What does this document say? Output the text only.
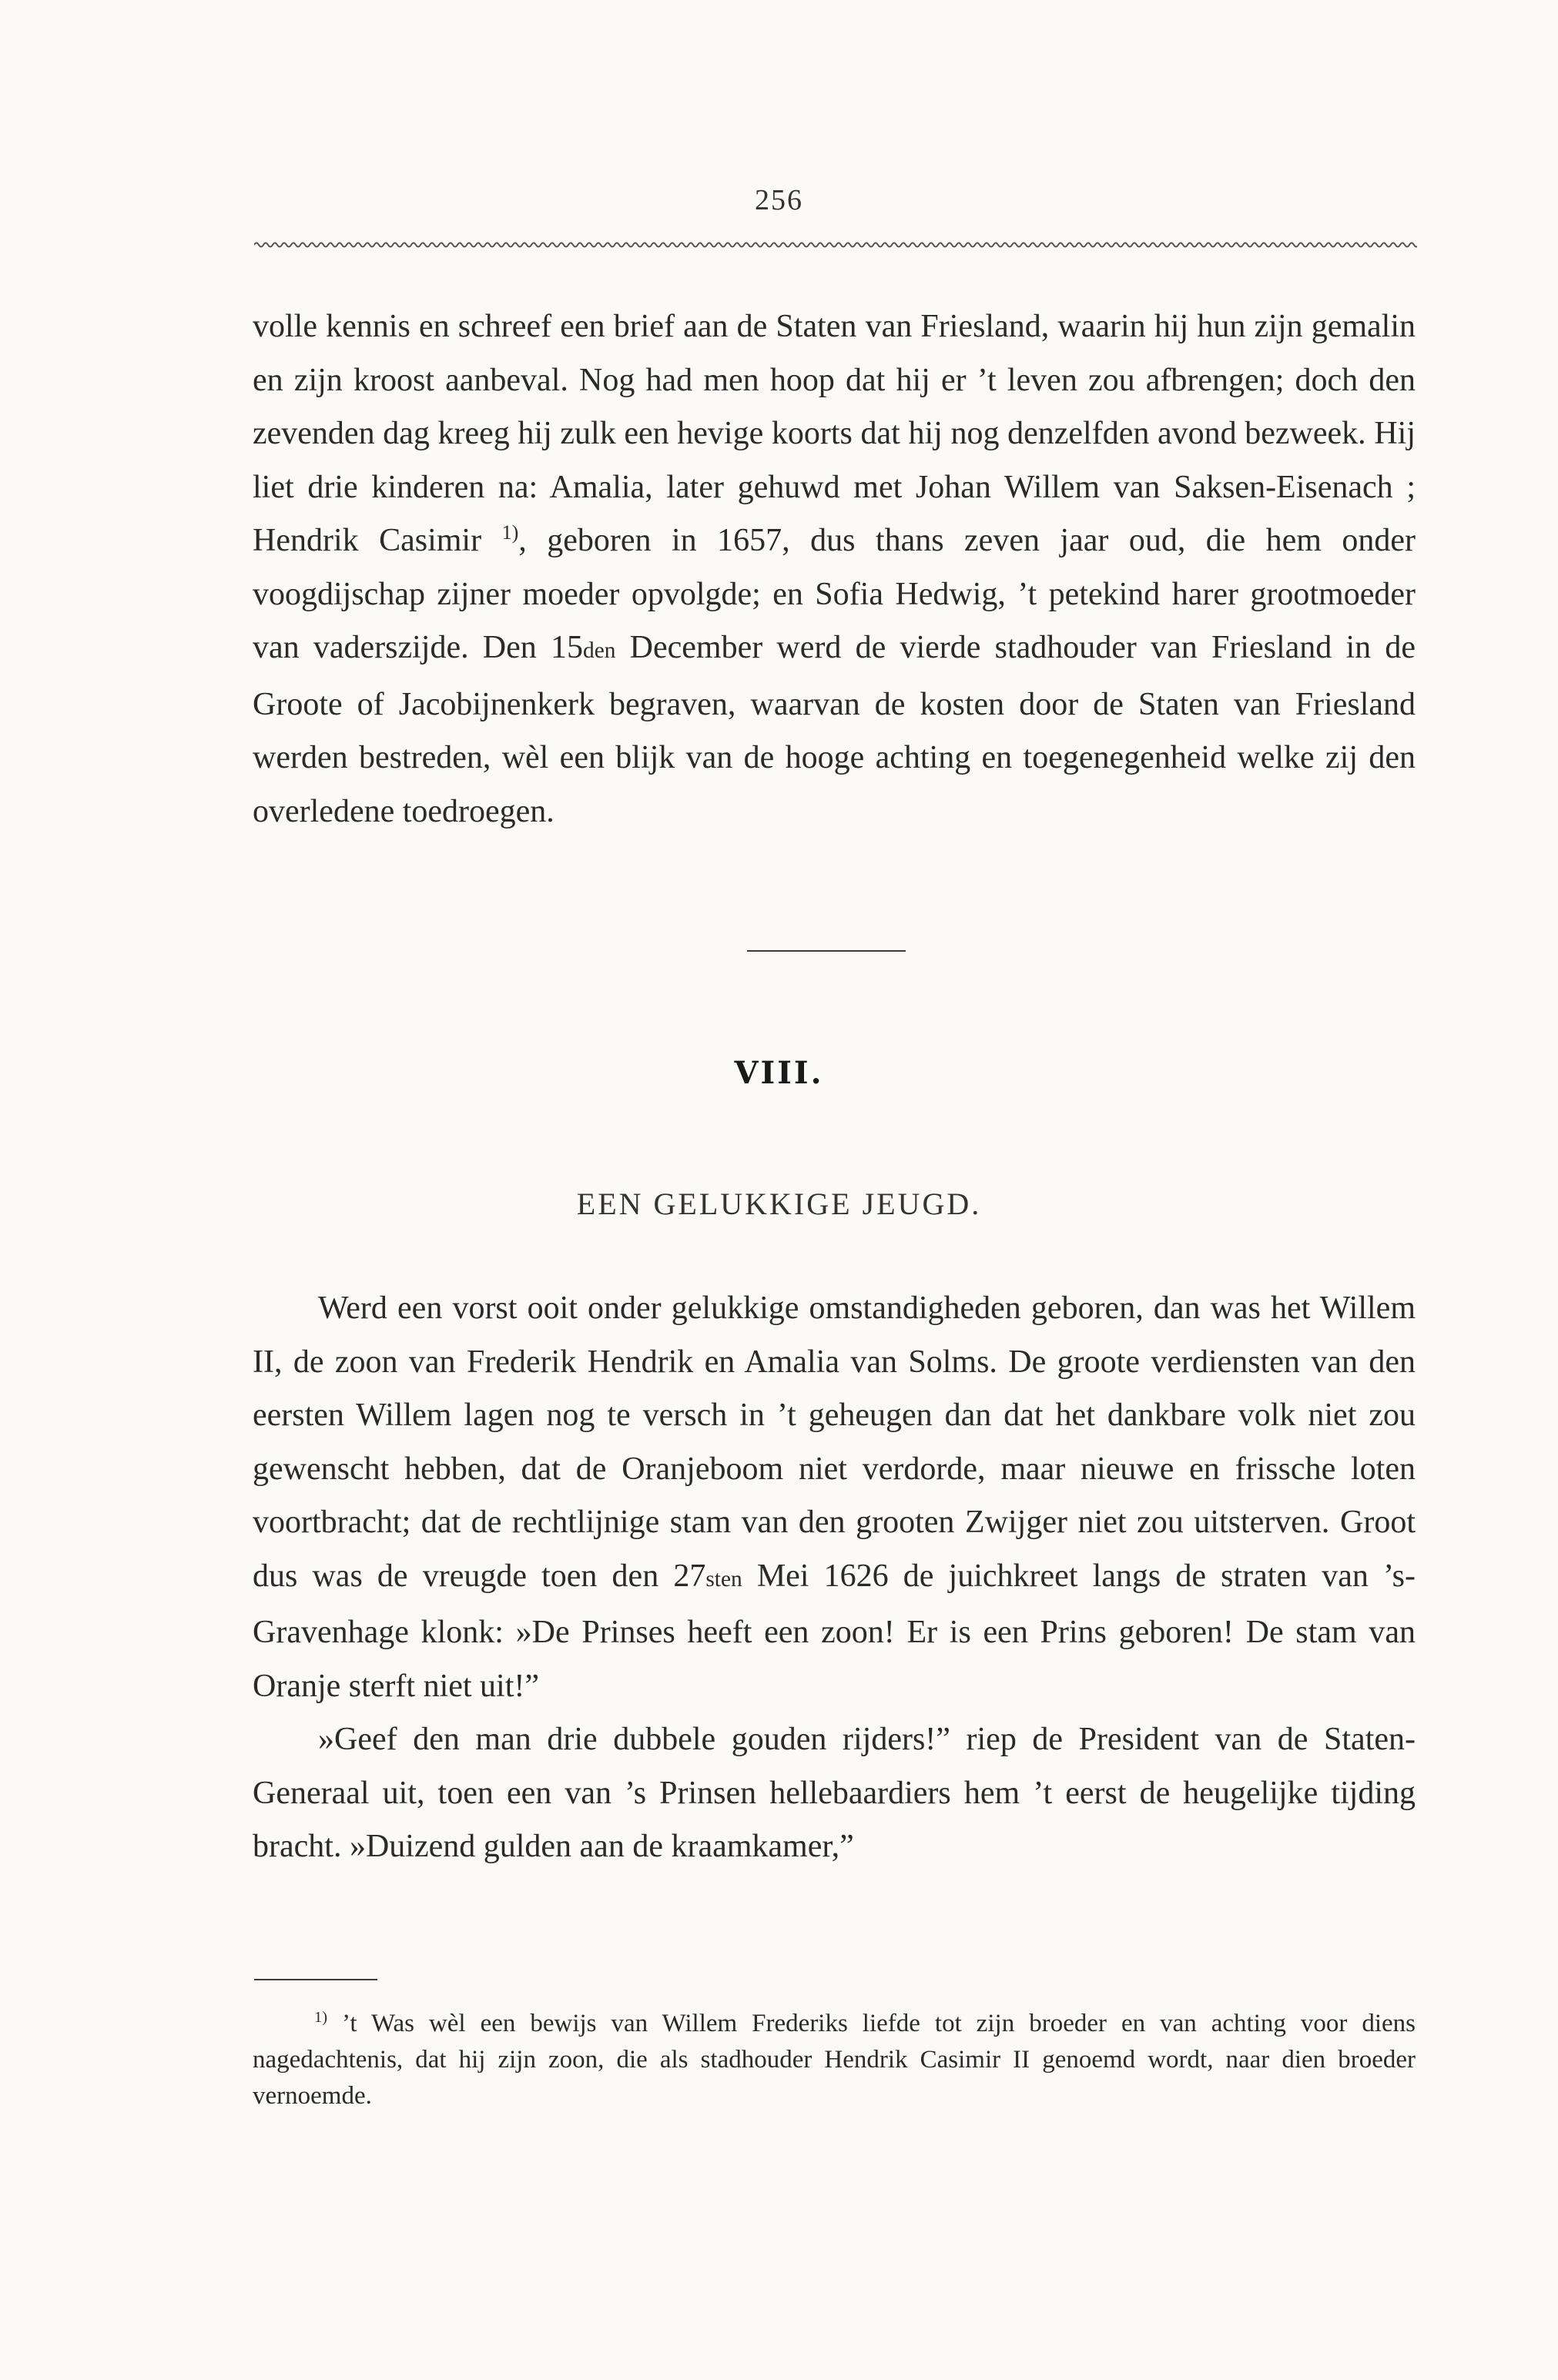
256

volle kennis en schreef een brief aan de Staten van Friesland, waarin hij hun zijn gemalin en zijn kroost aanbeval. Nog had men hoop dat hij er ’t leven zou afbrengen; doch den zevenden dag kreeg hij zulk een hevige koorts dat hij nog denzelfden avond bezweek. Hij liet drie kinderen na: Amalia, later gehuwd met Johan Willem van Saksen-Eisenach ; Hendrik Casimir $^{1)}$, geboren in 1657, dus thans zeven jaar oud, die hem onder voogdijschap zijner moeder opvolgde; en Sofia Hedwig, ’t petekind harer grootmoeder van vaderszijde. Den 15den December werd de vierde stadhouder van Friesland in de Groote of Jacobijnenkerk begraven, waarvan de kosten door de Staten van Friesland werden bestreden, wèl een blijk van de hooge achting en toegenegenheid welke zij den overledene toedroegen.

VIII.
EEN GELUKKIGE JEUGD.

Werd een vorst ooit onder gelukkige omstandigheden geboren, dan was het Willem II, de zoon van Frederik Hendrik en Amalia van Solms. De groote verdiensten van den eersten Willem lagen nog te versch in ’t geheugen dan dat het dankbare volk niet zou gewenscht hebben, dat de Oranjeboom niet verdorde, maar nieuwe en frissche loten voortbracht; dat de rechtlijnige stam van den grooten Zwijger niet zou uitsterven. Groot dus was de vreugde toen den 27sten Mei 1626 de juichkreet langs de straten van ’s-Gravenhage klonk: »De Prinses heeft een zoon! Er is een Prins geboren! De stam van Oranje sterft niet uit!”

»Geef den man drie dubbele gouden rijders!” riep de President van de Staten-Generaal uit, toen een van ’s Prinsen hellebaardiers hem ’t eerst de heugelijke tijding bracht. »Duizend gulden aan de kraamkamer,”

$^{1)}$ ’t Was wèl een bewijs van Willem Frederiks liefde tot zijn broeder en van achting voor diens nagedachtenis, dat hij zijn zoon, die als stadhouder Hendrik Casimir II genoemd wordt, naar dien broeder vernoemde.
